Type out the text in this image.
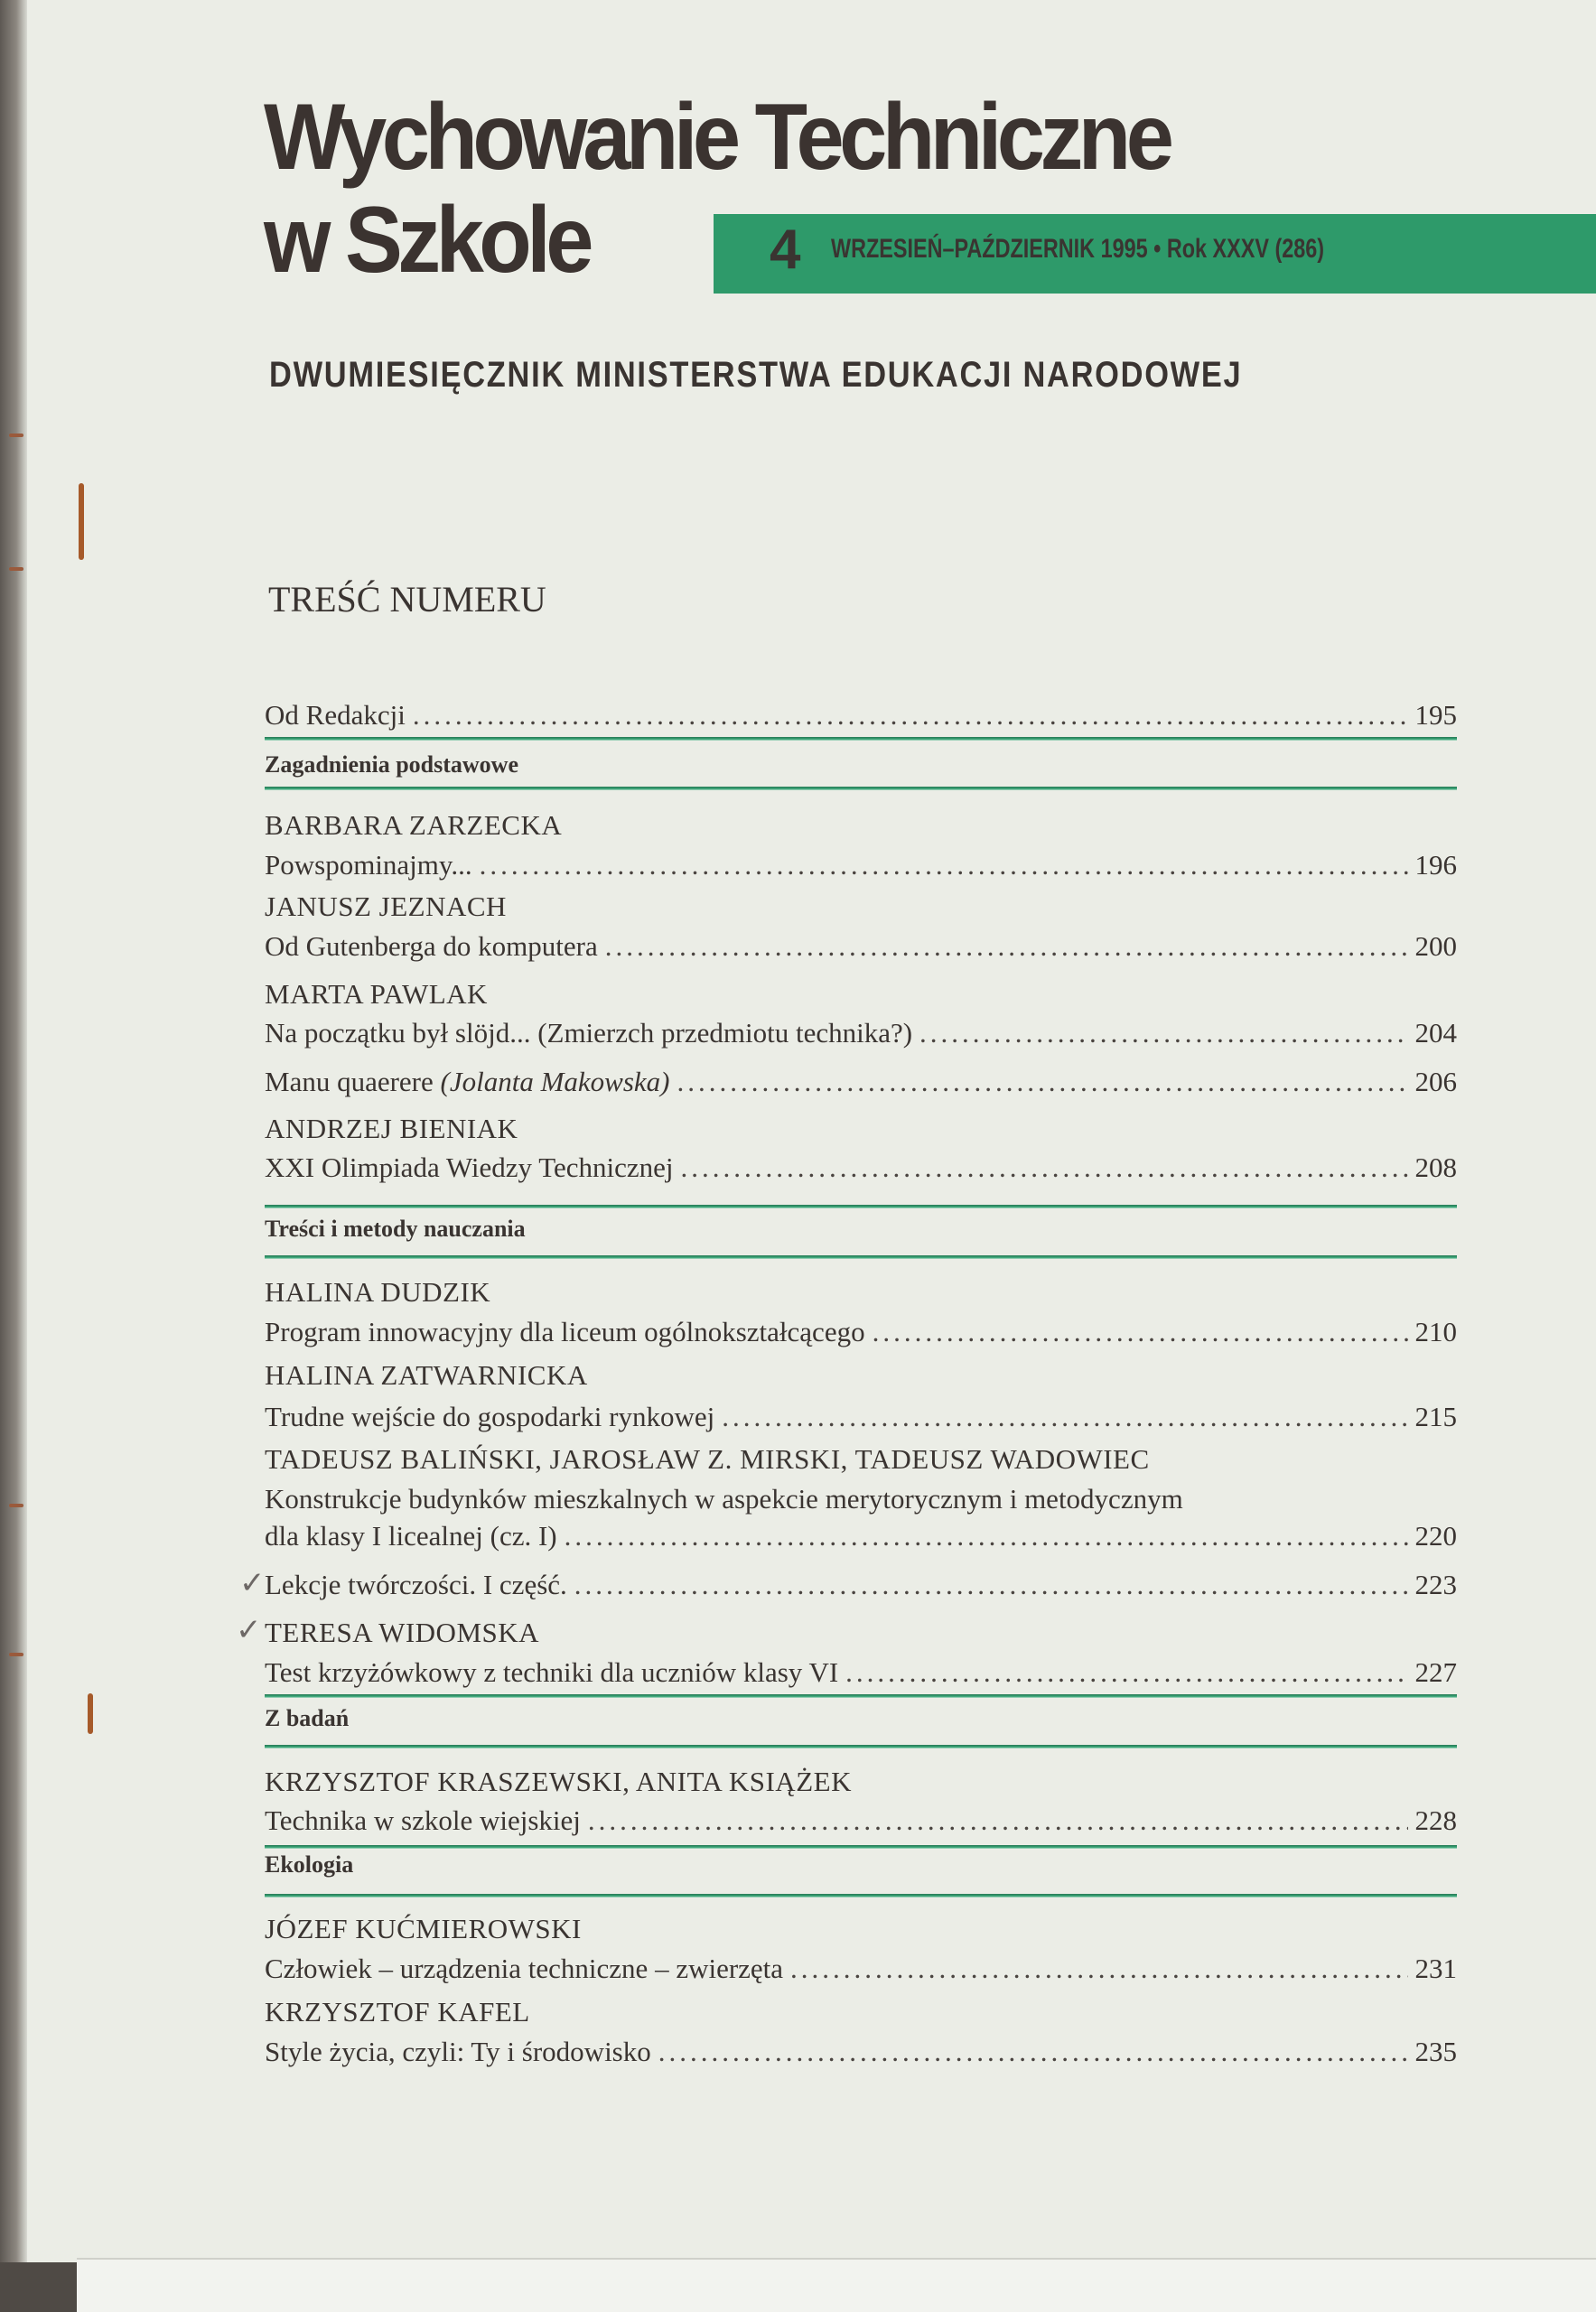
Wychowanie Techniczne
w Szkole	4 WRZESIEŃ–PAŹDZIERNIK 1995 • Rok XXXV (286)
DWUMIESIĘCZNIK MINISTERSTWA EDUKACJI NARODOWEJ
TREŚĆ NUMERU
Od Redakcji .....	195
Zagadnienia podstawowe
BARBARA ZARZECKA
Powspominajmy... .....	196
JANUSZ JEZNACH
Od Gutenberga do komputera .....	200
MARTA PAWLAK
Na początku był slöjd... (Zmierzch przedmiotu technika?) .....	204
Manu quaerere (Jolanta Makowska) .....	206
ANDRZEJ BIENIAK
XXI Olimpiada Wiedzy Technicznej .....	208
Treści i metody nauczania
HALINA DUDZIK
Program innowacyjny dla liceum ogólnokształcącego .....	210
HALINA ZATWARNICKA
Trudne wejście do gospodarki rynkowej .....	215
TADEUSZ BALIŃSKI, JAROSŁAW Z. MIRSKI, TADEUSZ WADOWIEC
Konstrukcje budynków mieszkalnych w aspekcie merytorycznym i metodycznym
dla klasy I licealnej (cz. I) .....	220
✓ Lekcje twórczości. I część. .....	223
✓ TERESA WIDOMSKA
Test krzyżówkowy z techniki dla uczniów klasy VI .....	227
Z badań
KRZYSZTOF KRASZEWSKI, ANITA KSIĄŻEK
Technika w szkole wiejskiej .....	228
Ekologia
JÓZEF KUĆMIEROWSKI
Człowiek – urządzenia techniczne – zwierzęta .....	231
KRZYSZTOF KAFEL
Style życia, czyli: Ty i środowisko .....	235
